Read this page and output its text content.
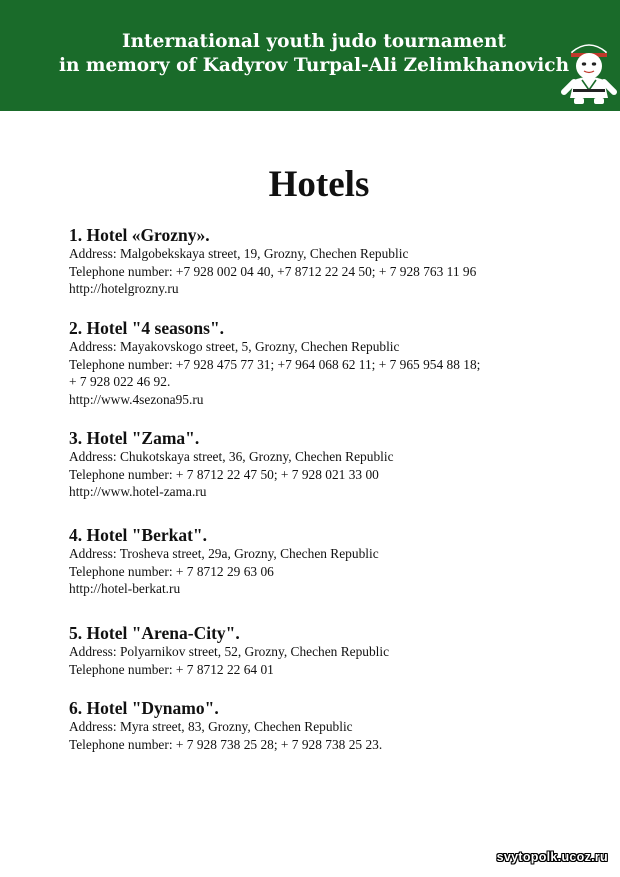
International youth judo tournament
in memory of Kadyrov Turpal-Ali Zelimkhanovich
Hotels
1. Hotel «Grozny».
Address: Malgobekskaya street, 19, Grozny, Chechen Republic
Telephone number: +7 928 002 04 40, +7 8712 22 24 50; + 7 928 763 11 96
http://hotelgrozny.ru
2. Hotel "4 seasons".
Address: Mayakovskogo street, 5, Grozny, Chechen Republic
Telephone number: +7 928 475 77 31; +7 964 068 62 11; + 7 965 954 88 18;
+ 7 928 022 46 92.
http://www.4sezona95.ru
3. Hotel "Zama".
Address: Chukotskaya street, 36, Grozny, Chechen Republic
Telephone number: + 7 8712 22 47 50; + 7 928 021 33 00
http://www.hotel-zama.ru
4. Hotel "Berkat".
Address: Trosheva street, 29a, Grozny, Chechen Republic
Telephone number: + 7 8712 29 63 06
http://hotel-berkat.ru
5. Hotel "Arena-City".
Address: Polyarnikov street, 52, Grozny, Chechen Republic
Telephone number: + 7 8712 22 64 01
6. Hotel "Dynamo".
Address: Myra street, 83, Grozny, Chechen Republic
Telephone number: + 7 928 738 25 28; + 7 928 738 25 23.
svytopolk.ucoz.ru
